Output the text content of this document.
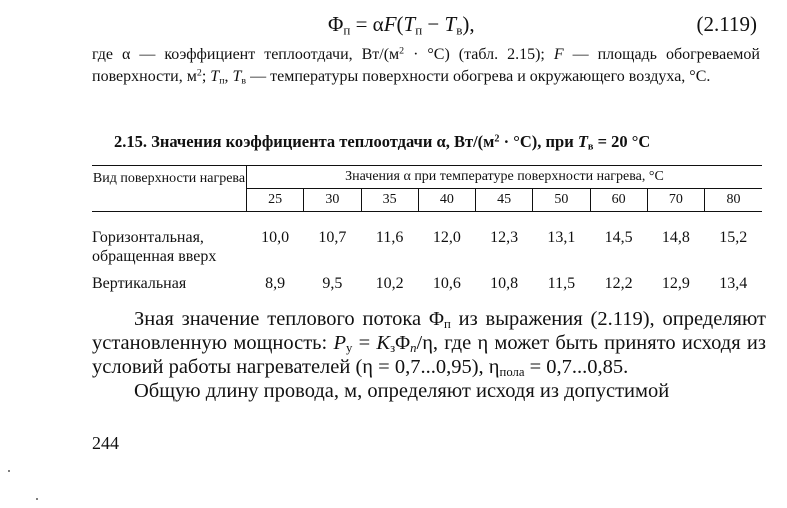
$\Phi_п = \alpha F(T_п - T_в)$,	(2.119)
где α — коэффициент теплоотдачи, $Вт/(м^2 \cdot ^\circ С)$ (табл. 2.15); F — площадь обогреваемой поверхности, $м^2$; $T_п$, $T_в$ — температуры поверхности обогрева и окружающего воздуха, °С.
2.15. Значения коэффициента теплоотдачи α, $Вт/(м^2 \cdot ^\circ С)$, при $T_в = 20$ °С
Вид поверхности нагрева	Значения α при температуре поверхности нагрева, °С								
	25	30	35	40	45	50	60	70	80
Горизонтальная, обращенная вверх	10,0	10,7	11,6	12,0	12,3	13,1	14,5	14,8	15,2
Вертикальная	8,9	9,5	10,2	10,6	10,8	11,5	12,2	12,9	13,4

Зная значение теплового потока $\Phi_п$ из выражения (2.119), определяют установленную мощность: $P_у = K_з\Phi_п/\eta$, где η может быть принято исходя из условий работы нагревателей (η = 0,7...0,95), $\eta_{пола} = 0,7...0,85$.

Общую длину провода, м, определяют исходя из допустимой

244
